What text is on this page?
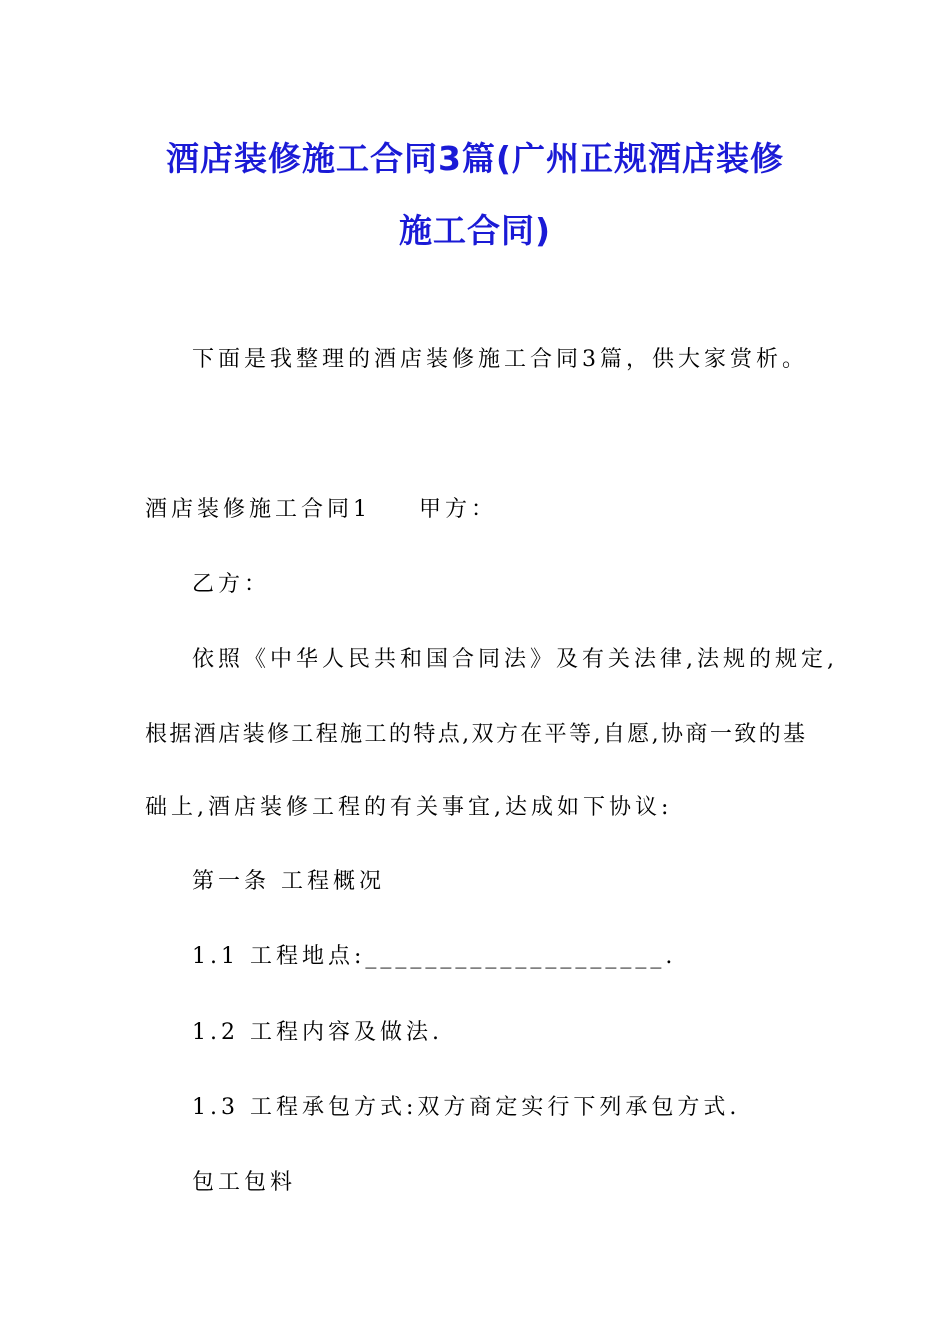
酒店装修施工合同3篇(广州正规酒店装修
施工合同)
下面是我整理的酒店装修施工合同3篇，供大家赏析。
酒店装修施工合同1 甲方：
乙方：
依照《中华人民共和国合同法》及有关法律,法规的规定,
根据酒店装修工程施工的特点,双方在平等,自愿,协商一致的基
础上,酒店装修工程的有关事宜,达成如下协议:
第一条 工程概况
1.1 工程地点:____________________.
1.2 工程内容及做法.
1.3 工程承包方式:双方商定实行下列承包方式.
包工包料
